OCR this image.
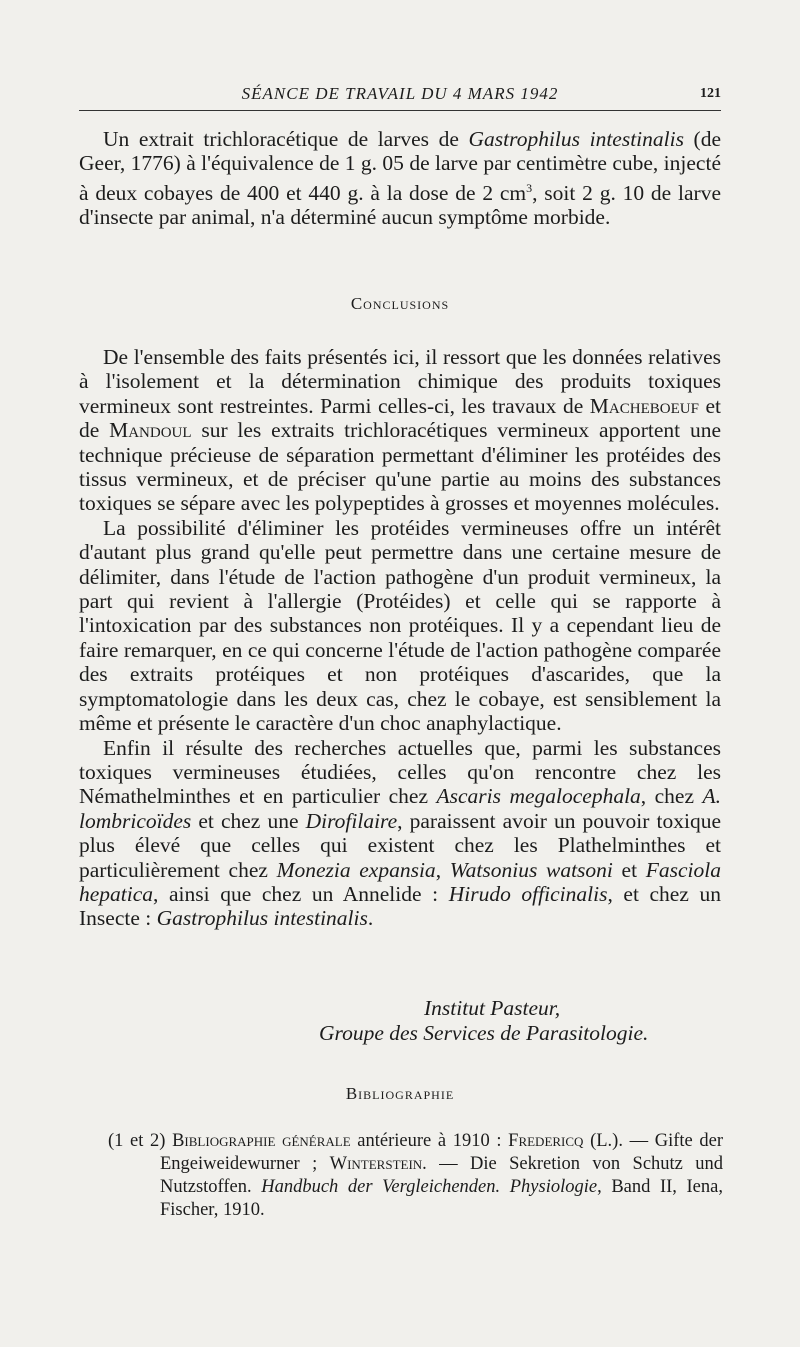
SÉANCE DE TRAVAIL DU 4 MARS 1942	121

Un extrait trichloracétique de larves de Gastrophilus intestinalis (de Geer, 1776) à l'équivalence de 1 g. 05 de larve par centimètre cube, injecté à deux cobayes de 400 et 440 g. à la dose de 2 $cm^3$, soit 2 g. 10 de larve d'insecte par animal, n'a déterminé aucun symptôme morbide.

Conclusions

De l'ensemble des faits présentés ici, il ressort que les données relatives à l'isolement et la détermination chimique des produits toxiques vermineux sont restreintes. Parmi celles-ci, les travaux de Macheboeuf et de Mandoul sur les extraits trichloracétiques vermineux apportent une technique précieuse de séparation permettant d'éliminer les protéides des tissus vermineux, et de préciser qu'une partie au moins des substances toxiques se sépare avec les polypeptides à grosses et moyennes molécules.

La possibilité d'éliminer les protéides vermineuses offre un intérêt d'autant plus grand qu'elle peut permettre dans une certaine mesure de délimiter, dans l'étude de l'action pathogène d'un produit vermineux, la part qui revient à l'allergie (Protéides) et celle qui se rapporte à l'intoxication par des substances non protéiques. Il y a cependant lieu de faire remarquer, en ce qui concerne l'étude de l'action pathogène comparée des extraits protéiques et non protéiques d'ascarides, que la symptomatologie dans les deux cas, chez le cobaye, est sensiblement la même et présente le caractère d'un choc anaphylactique.

Enfin il résulte des recherches actuelles que, parmi les substances toxiques vermineuses étudiées, celles qu'on rencontre chez les Némathelminthes et en particulier chez Ascaris megalocephala, chez A. lombricoïdes et chez une Dirofilaire, paraissent avoir un pouvoir toxique plus élevé que celles qui existent chez les Plathelminthes et particulièrement chez Monezia expansia, Watsonius watsoni et Fasciola hepatica, ainsi que chez un Annelide : Hirudo officinalis, et chez un Insecte : Gastrophilus intestinalis.

Institut Pasteur,
Groupe des Services de Parasitologie.
Bibliographie

(1 et 2) Bibliographie générale antérieure à 1910 : Fredericq (L.). — Gifte der Engeiweidewurner ; Winterstein. — Die Sekretion von Schutz und Nutzstoffen. Handbuch der Vergleichenden. Physiologie, Band II, Iena, Fischer, 1910.
